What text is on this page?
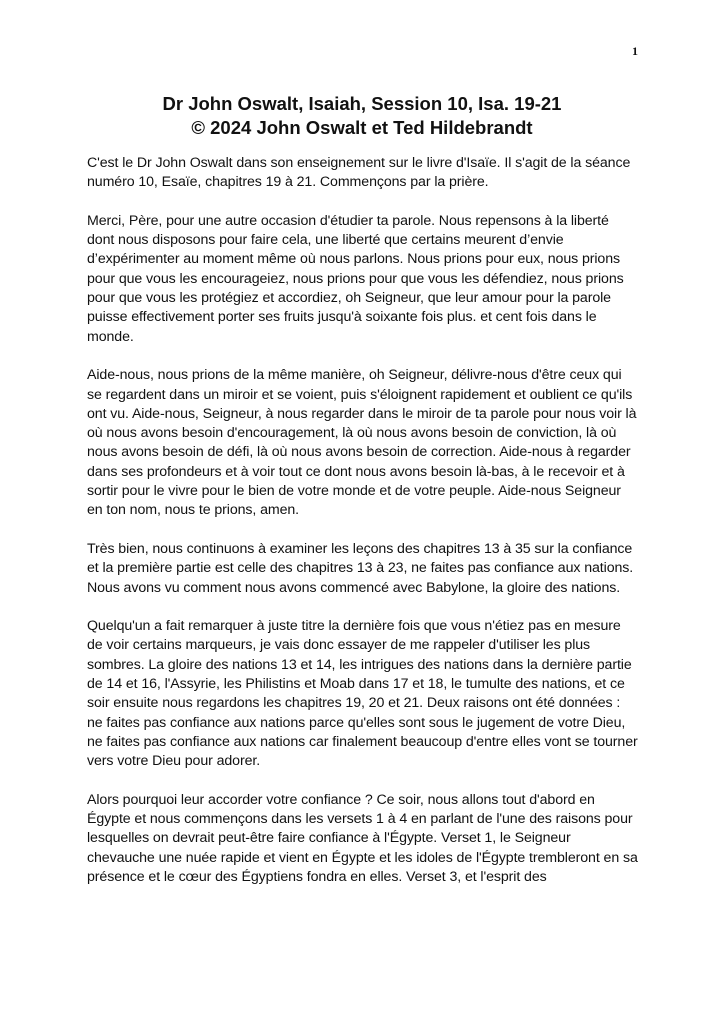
1
Dr John Oswalt, Isaiah, Session 10, Isa. 19-21
© 2024 John Oswalt et Ted Hildebrandt

C'est le Dr John Oswalt dans son enseignement sur le livre d'Isaïe. Il s'agit de la séance numéro 10, Esaïe, chapitres 19 à 21. Commençons par la prière.

Merci, Père, pour une autre occasion d'étudier ta parole. Nous repensons à la liberté dont nous disposons pour faire cela, une liberté que certains meurent d’envie d’expérimenter au moment même où nous parlons. Nous prions pour eux, nous prions pour que vous les encourageiez, nous prions pour que vous les défendiez, nous prions pour que vous les protégiez et accordiez, oh Seigneur, que leur amour pour la parole puisse effectivement porter ses fruits jusqu'à soixante fois plus. et cent fois dans le monde.

Aide-nous, nous prions de la même manière, oh Seigneur, délivre-nous d'être ceux qui se regardent dans un miroir et se voient, puis s'éloignent rapidement et oublient ce qu'ils ont vu. Aide-nous, Seigneur, à nous regarder dans le miroir de ta parole pour nous voir là où nous avons besoin d'encouragement, là où nous avons besoin de conviction, là où nous avons besoin de défi, là où nous avons besoin de correction. Aide-nous à regarder dans ses profondeurs et à voir tout ce dont nous avons besoin là-bas, à le recevoir et à sortir pour le vivre pour le bien de votre monde et de votre peuple. Aide-nous Seigneur en ton nom, nous te prions, amen.

Très bien, nous continuons à examiner les leçons des chapitres 13 à 35 sur la confiance et la première partie est celle des chapitres 13 à 23, ne faites pas confiance aux nations. Nous avons vu comment nous avons commencé avec Babylone, la gloire des nations.

Quelqu'un a fait remarquer à juste titre la dernière fois que vous n'étiez pas en mesure de voir certains marqueurs, je vais donc essayer de me rappeler d'utiliser les plus sombres. La gloire des nations 13 et 14, les intrigues des nations dans la dernière partie de 14 et 16, l'Assyrie, les Philistins et Moab dans 17 et 18, le tumulte des nations, et ce soir ensuite nous regardons les chapitres 19, 20 et 21. Deux raisons ont été données : ne faites pas confiance aux nations parce qu'elles sont sous le jugement de votre Dieu, ne faites pas confiance aux nations car finalement beaucoup d'entre elles vont se tourner vers votre Dieu pour adorer.

Alors pourquoi leur accorder votre confiance ? Ce soir, nous allons tout d'abord en Égypte et nous commençons dans les versets 1 à 4 en parlant de l'une des raisons pour lesquelles on devrait peut-être faire confiance à l'Égypte. Verset 1, le Seigneur chevauche une nuée rapide et vient en Égypte et les idoles de l'Égypte trembleront en sa présence et le cœur des Égyptiens fondra en elles. Verset 3, et l'esprit des
